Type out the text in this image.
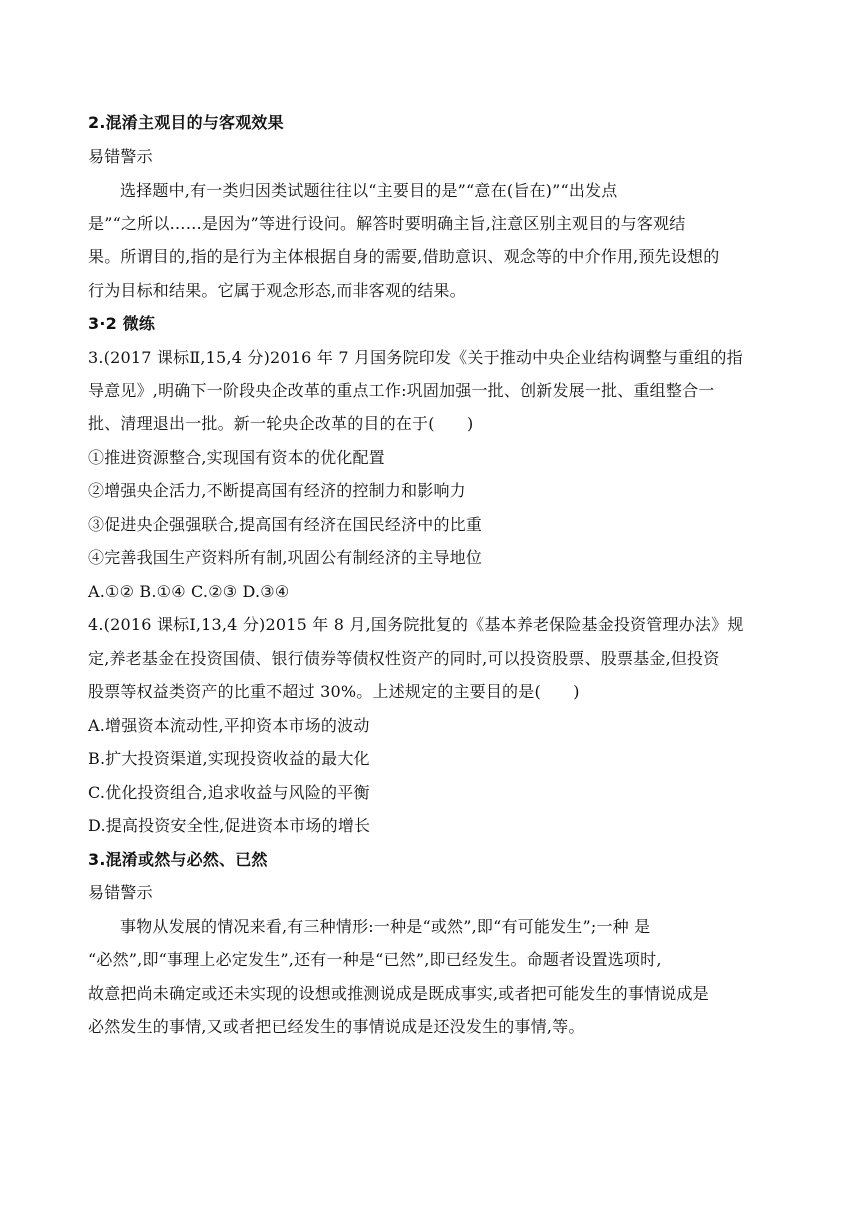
2.混淆主观目的与客观效果
易错警示
选择题中,有一类归因类试题往往以“主要目的是”“意在(旨在)”“出发点
是”“之所以……是因为”等进行设问。解答时要明确主旨,注意区别主观目的与客观结
果。所谓目的,指的是行为主体根据自身的需要,借助意识、观念等的中介作用,预先设想的
行为目标和结果。它属于观念形态,而非客观的结果。
3·2 微练
3.(2017 课标Ⅱ,15,4 分)2016 年 7 月国务院印发《关于推动中央企业结构调整与重组的指
导意见》,明确下一阶段央企改革的重点工作:巩固加强一批、创新发展一批、重组整合一
批、清理退出一批。新一轮央企改革的目的在于(　　)
①推进资源整合,实现国有资本的优化配置
②增强央企活力,不断提高国有经济的控制力和影响力
③促进央企强强联合,提高国有经济在国民经济中的比重
④完善我国生产资料所有制,巩固公有制经济的主导地位
A.①② B.①④ C.②③ D.③④
4.(2016 课标Ⅰ,13,4 分)2015 年 8 月,国务院批复的《基本养老保险基金投资管理办法》规
定,养老基金在投资国债、银行债券等债权性资产的同时,可以投资股票、股票基金,但投资
股票等权益类资产的比重不超过 30%。上述规定的主要目的是(　　)
A.增强资本流动性,平抑资本市场的波动
B.扩大投资渠道,实现投资收益的最大化
C.优化投资组合,追求收益与风险的平衡
D.提高投资安全性,促进资本市场的增长
3.混淆或然与必然、已然
易错警示
事物从发展的情况来看,有三种情形:一种是“或然”,即“有可能发生”;一种 是
“必然”,即“事理上必定发生”,还有一种是“已然”,即已经发生。命题者设置选项时,
故意把尚未确定或还未实现的设想或推测说成是既成事实,或者把可能发生的事情说成是
必然发生的事情,又或者把已经发生的事情说成是还没发生的事情,等。
